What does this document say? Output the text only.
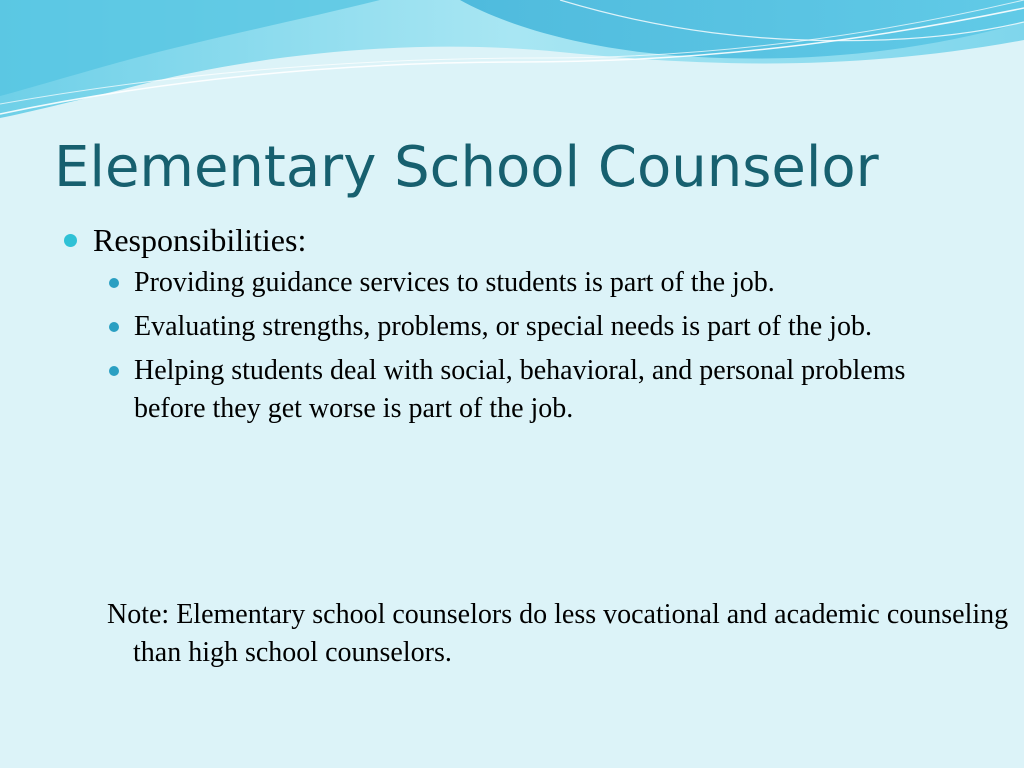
Elementary School Counselor

Responsibilities:

Providing guidance services to students is part of the job.
Evaluating strengths, problems, or special needs is part of the job.
Helping students deal with social, behavioral, and personal problems before they get worse is part of the job.

Note: Elementary school counselors do less vocational and academic counseling than high school counselors.
